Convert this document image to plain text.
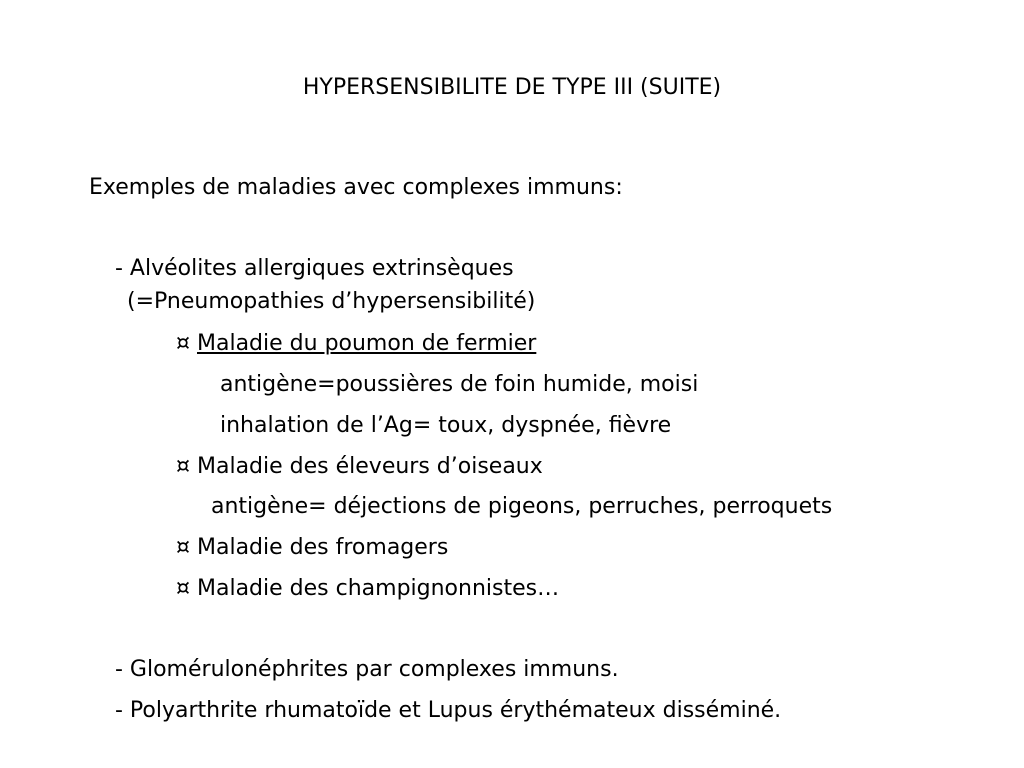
HYPERSENSIBILITE DE TYPE III (SUITE)
Exemples de maladies avec complexes immuns:
- Alvéolites allergiques extrinsèques
(=Pneumopathies d’hypersensibilité)
¤ Maladie du poumon de fermier
antigène=poussières de foin humide, moisi
inhalation de l’Ag= toux, dyspnée, fièvre
¤ Maladie des éleveurs d’oiseaux
antigène= déjections de pigeons, perruches, perroquets
¤ Maladie des fromagers
¤ Maladie des champignonnistes…
- Glomérulonéphrites par complexes immuns.
- Polyarthrite rhumatoïde et Lupus érythémateux disséminé.
